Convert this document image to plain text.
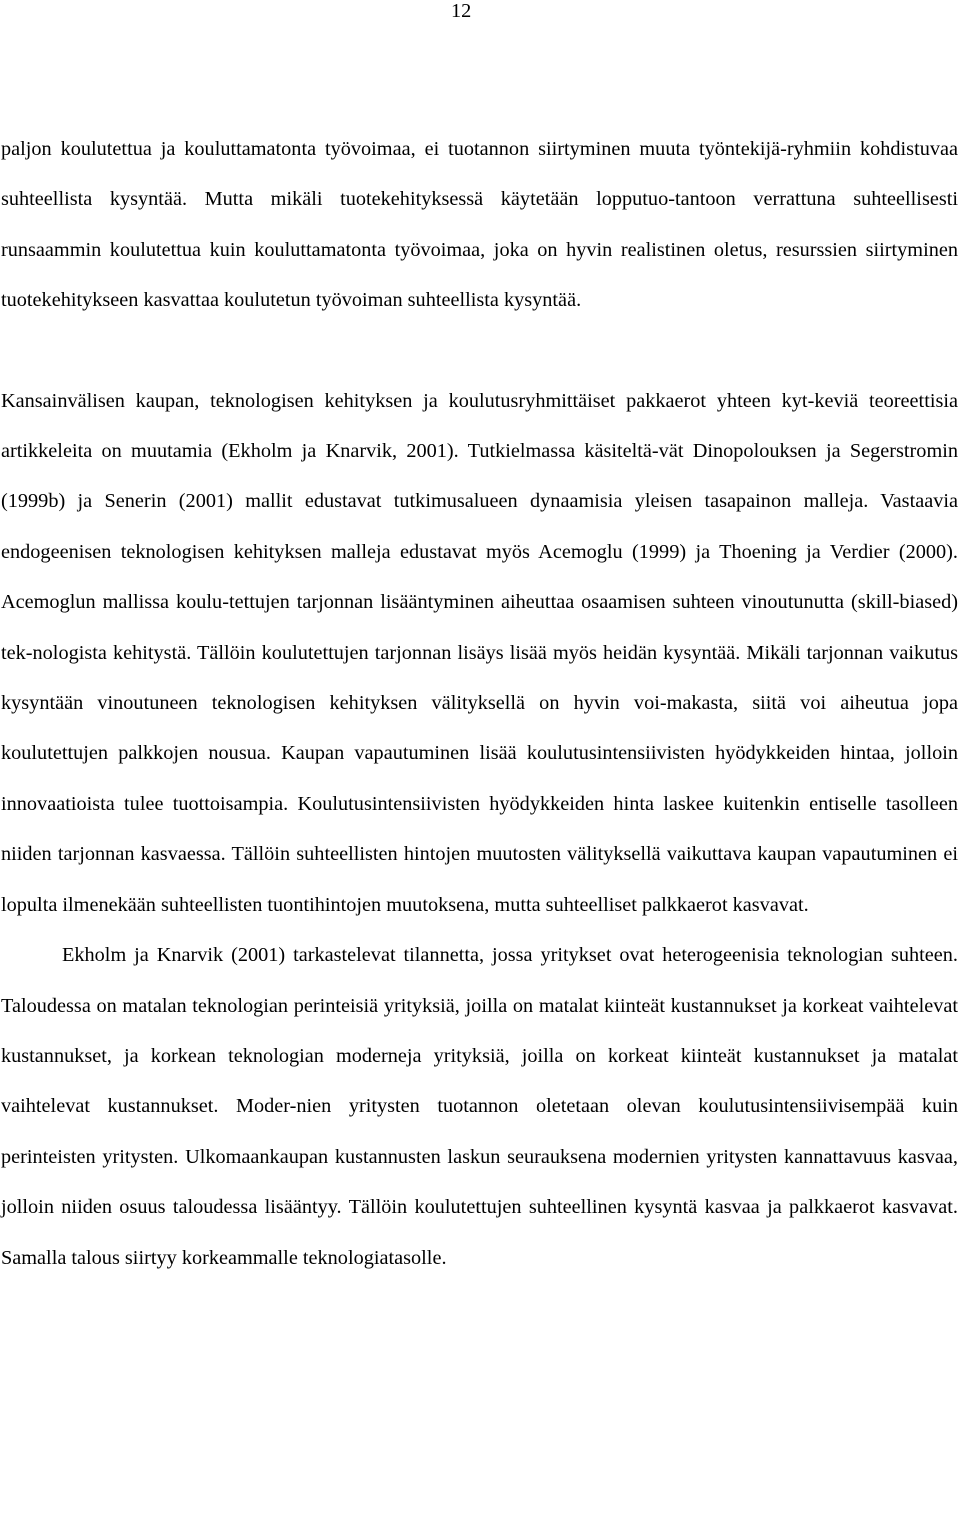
12

paljon koulutettua ja kouluttamatonta työvoimaa, ei tuotannon siirtyminen muuta työntekijä-ryhmiin kohdistuvaa suhteellista kysyntää. Mutta mikäli tuotekehityksessä käytetään lopputuo-tantoon verrattuna suhteellisesti runsaammin koulutettua kuin kouluttamatonta työvoimaa, joka on hyvin realistinen oletus, resurssien siirtyminen tuotekehitykseen kasvattaa koulutetun työvoiman suhteellista kysyntää.

Kansainvälisen kaupan, teknologisen kehityksen ja koulutusryhmittäiset pakkaerot yhteen kyt-keviä teoreettisia artikkeleita on muutamia (Ekholm ja Knarvik, 2001). Tutkielmassa käsiteltä-vät Dinopolouksen ja Segerstromin (1999b) ja Senerin (2001) mallit edustavat tutkimusalueen dynaamisia yleisen tasapainon malleja. Vastaavia endogeenisen teknologisen kehityksen malleja edustavat myös Acemoglu (1999) ja Thoening ja Verdier (2000). Acemoglun mallissa koulu-tettujen tarjonnan lisääntyminen aiheuttaa osaamisen suhteen vinoutunutta (skill-biased) tek-nologista kehitystä. Tällöin koulutettujen tarjonnan lisäys lisää myös heidän kysyntää. Mikäli tarjonnan vaikutus kysyntään vinoutuneen teknologisen kehityksen välityksellä on hyvin voi-makasta, siitä voi aiheutua jopa koulutettujen palkkojen nousua. Kaupan vapautuminen lisää koulutusintensiivisten hyödykkeiden hintaa, jolloin innovaatioista tulee tuottoisampia. Koulutusintensiivisten hyödykkeiden hinta laskee kuitenkin entiselle tasolleen niiden tarjonnan kasvaessa. Tällöin suhteellisten hintojen muutosten välityksellä vaikuttava kaupan vapautuminen ei lopulta ilmenekään suhteellisten tuontihintojen muutoksena, mutta suhteelliset palkkaerot kasvavat.

Ekholm ja Knarvik (2001) tarkastelevat tilannetta, jossa yritykset ovat heterogeenisia teknologian suhteen. Taloudessa on matalan teknologian perinteisiä yrityksiä, joilla on matalat kiinteät kustannukset ja korkeat vaihtelevat kustannukset, ja korkean teknologian moderneja yrityksiä, joilla on korkeat kiinteät kustannukset ja matalat vaihtelevat kustannukset. Moder-nien yritysten tuotannon oletetaan olevan koulutusintensiivisempää kuin perinteisten yritysten. Ulkomaankaupan kustannusten laskun seurauksena modernien yritysten kannattavuus kasvaa, jolloin niiden osuus taloudessa lisääntyy. Tällöin koulutettujen suhteellinen kysyntä kasvaa ja palkkaerot kasvavat. Samalla talous siirtyy korkeammalle teknologiatasolle.
